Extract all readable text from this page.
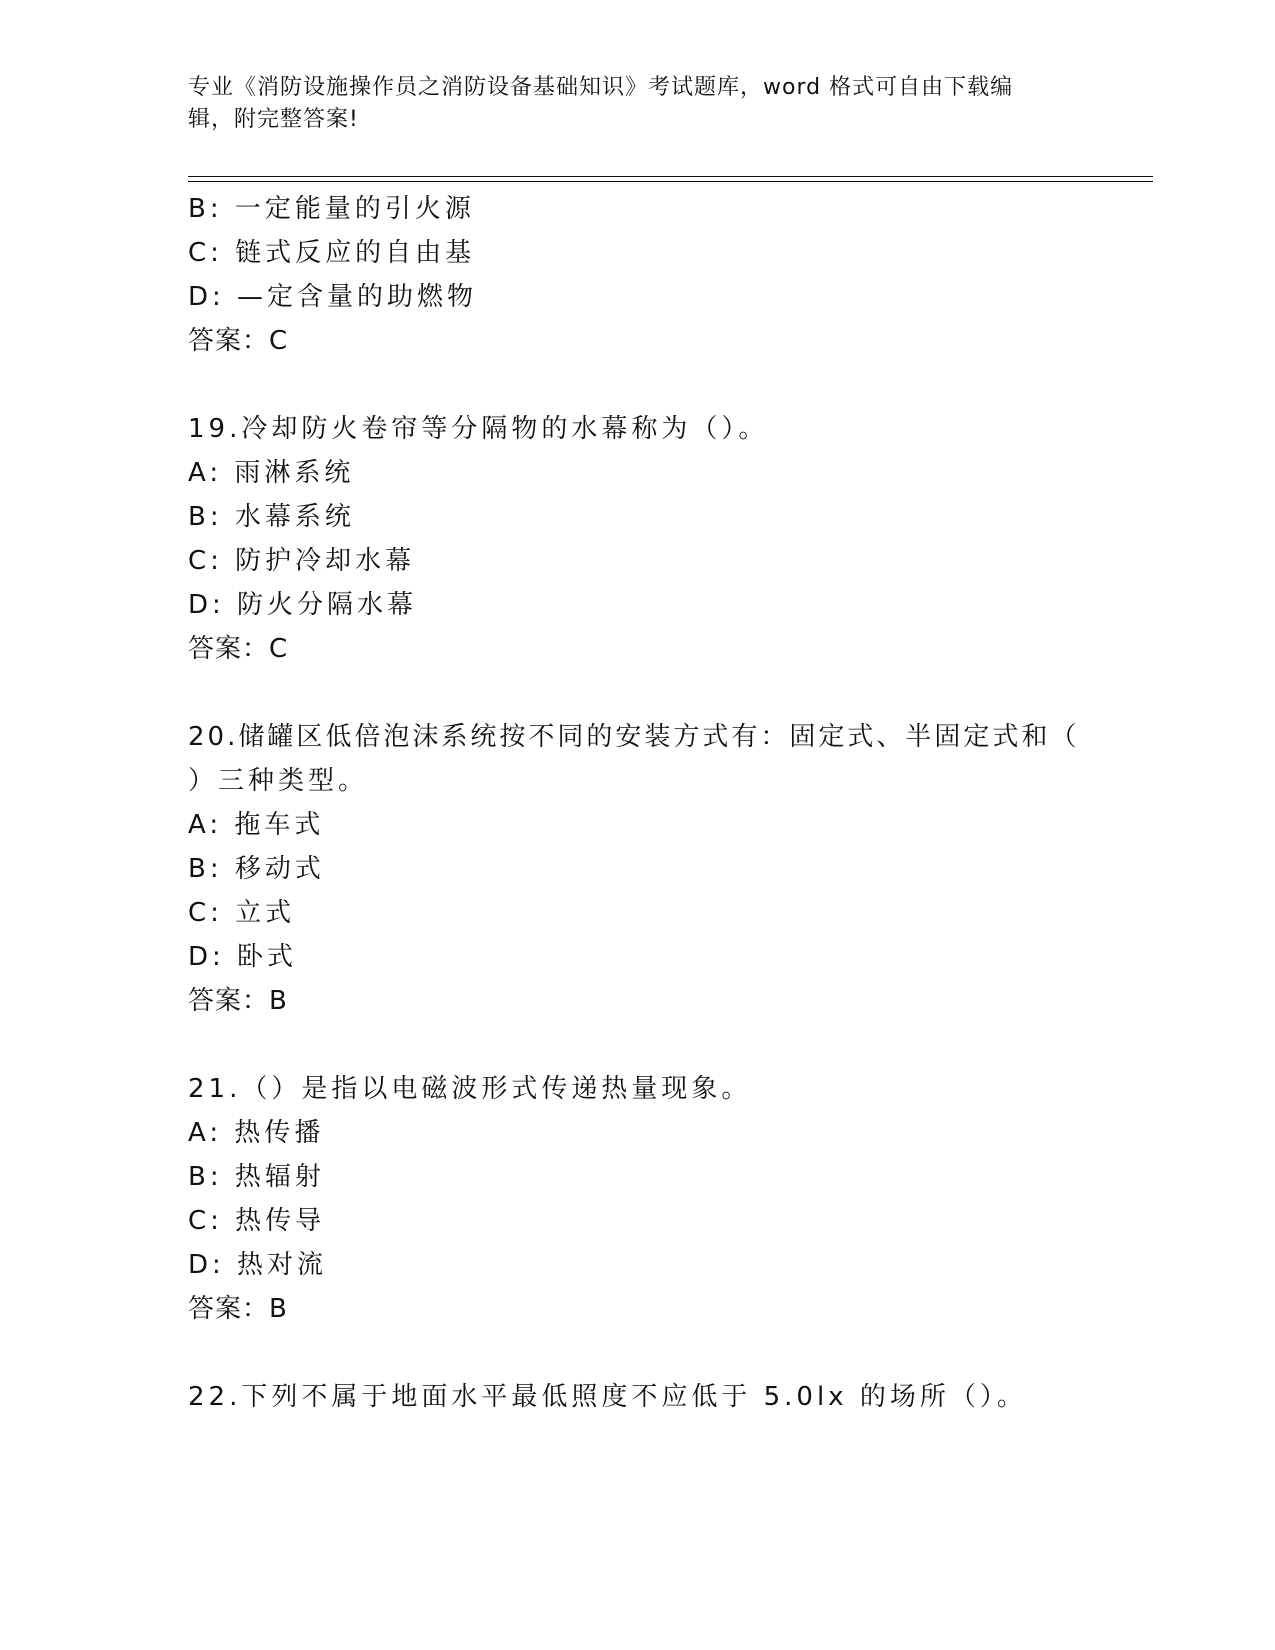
专业《消防设施操作员之消防设备基础知识》考试题库，word 格式可自由下载编
辑，附完整答案!
B: 一定能量的引火源
C: 链式反应的自由基
D: —定含量的助燃物
答案：C
19.冷却防火卷帘等分隔物的水幕称为（）。
A: 雨淋系统
B: 水幕系统
C: 防护冷却水幕
D: 防火分隔水幕
答案：C
20.储罐区低倍泡沫系统按不同的安装方式有：固定式、半固定式和（
）三种类型。
A: 拖车式
B: 移动式
C: 立式
D: 卧式
答案：B
21.（）是指以电磁波形式传递热量现象。
A: 热传播
B: 热辐射
C: 热传导
D: 热对流
答案：B
22.下列不属于地面水平最低照度不应低于 5.0lx 的场所（）。
